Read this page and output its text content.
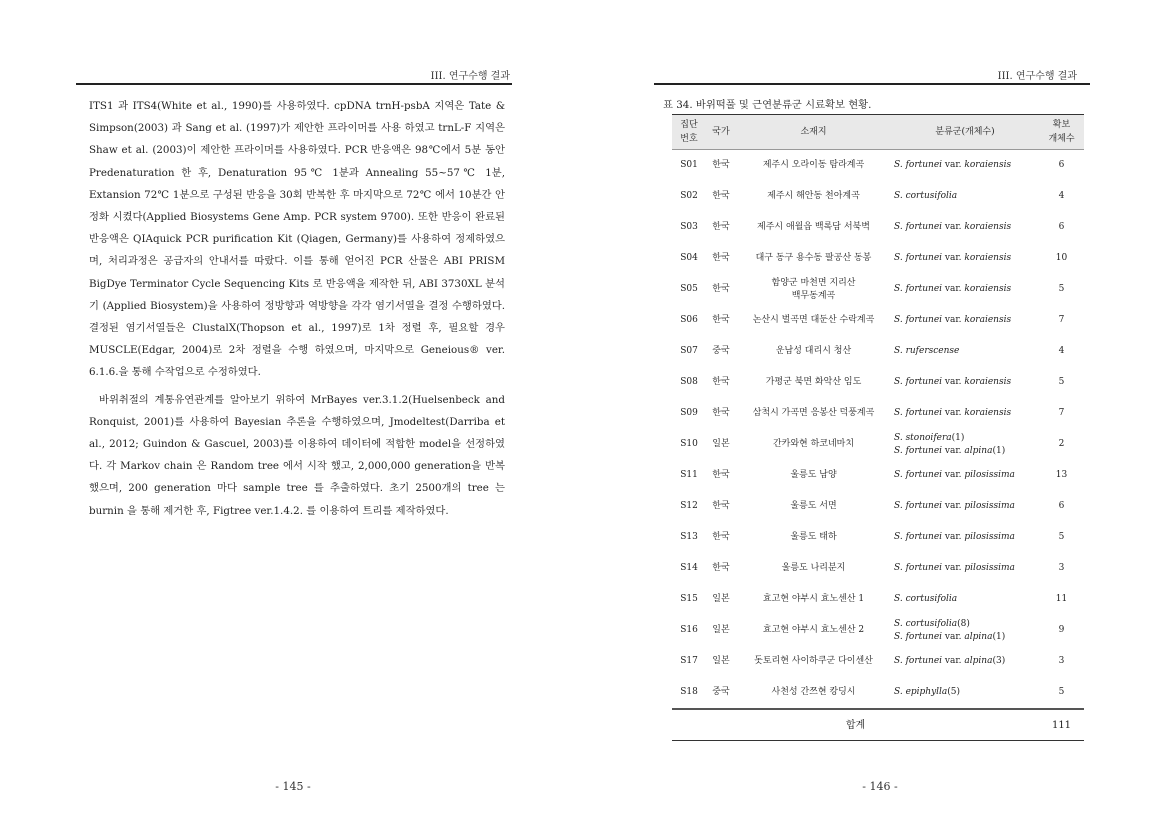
III. 연구수행 결과

ITS1 과 ITS4(White et al., 1990)를 사용하였다. cpDNA trnH-psbA 지역은 Tate & Simpson(2003) 과 Sang et al. (1997)가 제안한 프라이머를 사용 하였고 trnL-F 지역은 Shaw et al. (2003)이 제안한 프라이머를 사용하였다. PCR 반응액은 98℃에서 5분 동안 Predenaturation 한 후, Denaturation 95℃ 1분과 Annealing 55~57℃ 1분, Extansion 72℃ 1분으로 구성된 반응을 30회 반복한 후 마지막으로 72℃ 에서 10분간 안정화 시켰다(Applied Biosystems Gene Amp. PCR system 9700). 또한 반응이 완료된 반응액은 QIAquick PCR purification Kit (Qiagen, Germany)를 사용하여 정제하였으며, 처리과정은 공급자의 안내서를 따랐다. 이를 통해 얻어진 PCR 산물은 ABI PRISM BigDye Terminator Cycle Sequencing Kits 로 반응액을 제작한 뒤, ABI 3730XL 분석기 (Applied Biosystem)을 사용하여 정방향과 역방향을 각각 염기서열을 결정 수행하였다. 결정된 염기서열들은 ClustalX(Thopson et al., 1997)로 1차 정렬 후, 필요할 경우 MUSCLE(Edgar, 2004)로 2차 정렬을 수행 하였으며, 마지막으로 Geneious® ver. 6.1.6.을 통해 수작업으로 수정하였다.

바위취절의 계통유연관계를 알아보기 위하여 MrBayes ver.3.1.2(Huelsenbeck and Ronquist, 2001)를 사용하여 Bayesian 추론을 수행하였으며, Jmodeltest(Darriba et al., 2012; Guindon & Gascuel, 2003)를 이용하여 데이터에 적합한 model을 선정하였다. 각 Markov chain 은 Random tree 에서 시작 했고, 2,000,000 generation을 반복했으며, 200 generation 마다 sample tree 를 추출하였다. 초기 2500개의 tree 는 burnin 을 통해 제거한 후, Figtree ver.1.4.2. 를 이용하여 트리를 제작하였다.

- 145 -
III. 연구수행 결과
표 34. 바위떡풀 및 근연분류군 시료확보 현황.
집단
번호	국가	소재지	분류군(개체수)	확보
개체수
S01	한국	제주시 오라이동 탐라계곡	S. fortunei var. koraiensis	6
S02	한국	제주시 해안동 천아계곡	S. cortusifolia	4
S03	한국	제주시 애월읍 백록담 서북벽	S. fortunei var. koraiensis	6
S04	한국	대구 동구 용수동 팔공산 동봉	S. fortunei var. koraiensis	10
S05	한국	함양군 마천면 지리산
백무동계곡	S. fortunei var. koraiensis	5
S06	한국	논산시 벌곡면 대둔산 수락계곡	S. fortunei var. koraiensis	7
S07	중국	운남성 대리시 청산	S. ruferscense	4
S08	한국	가평군 북면 화악산 임도	S. fortunei var. koraiensis	5
S09	한국	삼척시 가곡면 응봉산 덕풍계곡	S. fortunei var. koraiensis	7
S10	일본	간카와현 하코네마치	S. stonoifera(1)
S. fortunei var. alpina(1)	2
S11	한국	울릉도 남양	S. fortunei var. pilosissima	13
S12	한국	울릉도 서면	S. fortunei var. pilosissima	6
S13	한국	울릉도 태하	S. fortunei var. pilosissima	5
S14	한국	울릉도 나리분지	S. fortunei var. pilosissima	3
S15	일본	효고현 야부시 효노센산 1	S. cortusifolia	11
S16	일본	효고현 야부시 효노센산 2	S. cortusifolia(8)
S. fortunei var. alpina(1)	9
S17	일본	돗토리현 사이하쿠군 다이센산	S. fortunei var. alpina(3)	3
S18	중국	사천성 간쯔현 캉딩시	S. epiphylla(5)	5
합계				111
- 146 -
